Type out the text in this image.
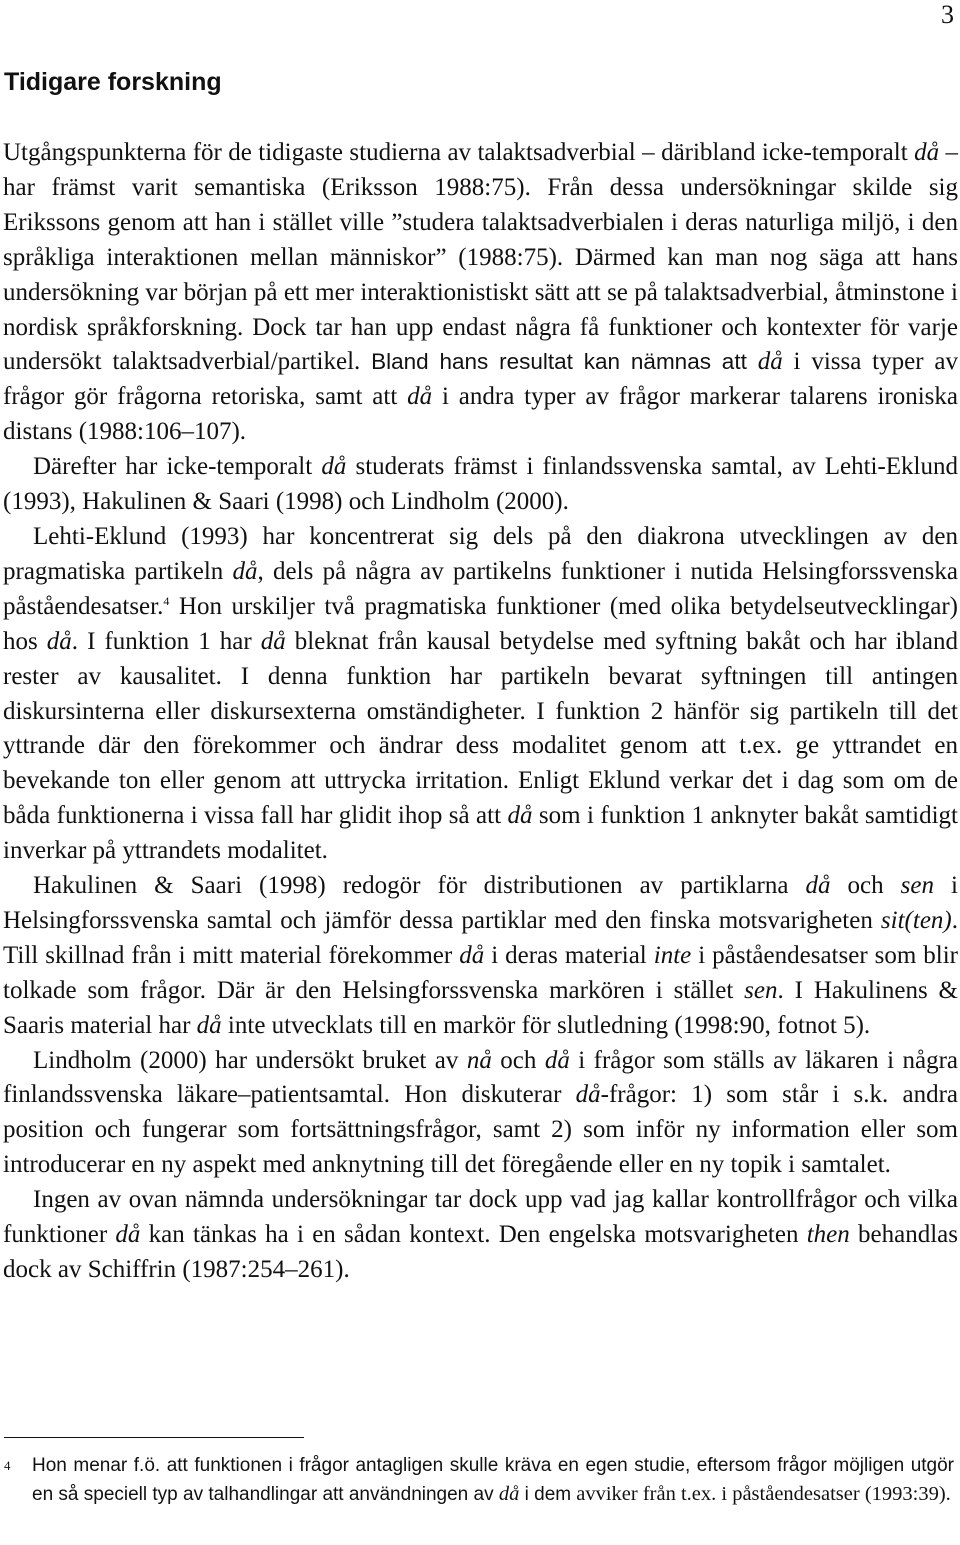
3
Tidigare forskning

Utgångspunkterna för de tidigaste studierna av talaktsadverbial – däribland icke-temporalt då – har främst varit semantiska (Eriksson 1988:75). Från dessa undersökningar skilde sig Erikssons genom att han i stället ville ”studera talaktsadverbialen i deras naturliga miljö, i den språkliga interaktionen mellan människor” (1988:75). Därmed kan man nog säga att hans undersökning var början på ett mer interaktionistiskt sätt att se på talaktsadverbial, åtminstone i nordisk språkforskning. Dock tar han upp endast några få funktioner och kontexter för varje undersökt talaktsadverbial/partikel. Bland hans resultat kan nämnas att då i vissa typer av frågor gör frågorna retoriska, samt att då i andra typer av frågor markerar talarens ironiska distans (1988:106–107).

Därefter har icke-temporalt då studerats främst i finlandssvenska samtal, av Lehti-Eklund (1993), Hakulinen & Saari (1998) och Lindholm (2000).

Lehti-Eklund (1993) har koncentrerat sig dels på den diakrona utvecklingen av den pragmatiska partikeln då, dels på några av partikelns funktioner i nutida Helsingforssvenska påståendesatser.$^4$ Hon urskiljer två pragmatiska funktioner (med olika betydelseutvecklingar) hos då. I funktion 1 har då bleknat från kausal betydelse med syftning bakåt och har ibland rester av kausalitet. I denna funktion har partikeln bevarat syftningen till antingen diskursinterna eller diskursexterna omständigheter. I funktion 2 hänför sig partikeln till det yttrande där den förekommer och ändrar dess modalitet genom att t.ex. ge yttrandet en bevekande ton eller genom att uttrycka irritation. Enligt Eklund verkar det i dag som om de båda funktionerna i vissa fall har glidit ihop så att då som i funktion 1 anknyter bakåt samtidigt inverkar på yttrandets modalitet.

Hakulinen & Saari (1998) redogör för distributionen av partiklarna då och sen i Helsingforssvenska samtal och jämför dessa partiklar med den finska motsvarigheten sit(ten). Till skillnad från i mitt material förekommer då i deras material inte i påståendesatser som blir tolkade som frågor. Där är den Helsingforssvenska markören i stället sen. I Hakulinens & Saaris material har då inte utvecklats till en markör för slutledning (1998:90, fotnot 5).

Lindholm (2000) har undersökt bruket av nå och då i frågor som ställs av läkaren i några finlandssvenska läkare–patientsamtal. Hon diskuterar då-frågor: 1) som står i s.k. andra position och fungerar som fortsättningsfrågor, samt 2) som inför ny information eller som introducerar en ny aspekt med anknytning till det föregående eller en ny topik i samtalet.

Ingen av ovan nämnda undersökningar tar dock upp vad jag kallar kontrollfrågor och vilka funktioner då kan tänkas ha i en sådan kontext. Den engelska motsvarigheten then behandlas dock av Schiffrin (1987:254–261).

4 Hon menar f.ö. att funktionen i frågor antagligen skulle kräva en egen studie, eftersom frågor möjligen utgör en så speciell typ av talhandlingar att användningen av då i dem avviker från t.ex. i påståendesatser (1993:39).
